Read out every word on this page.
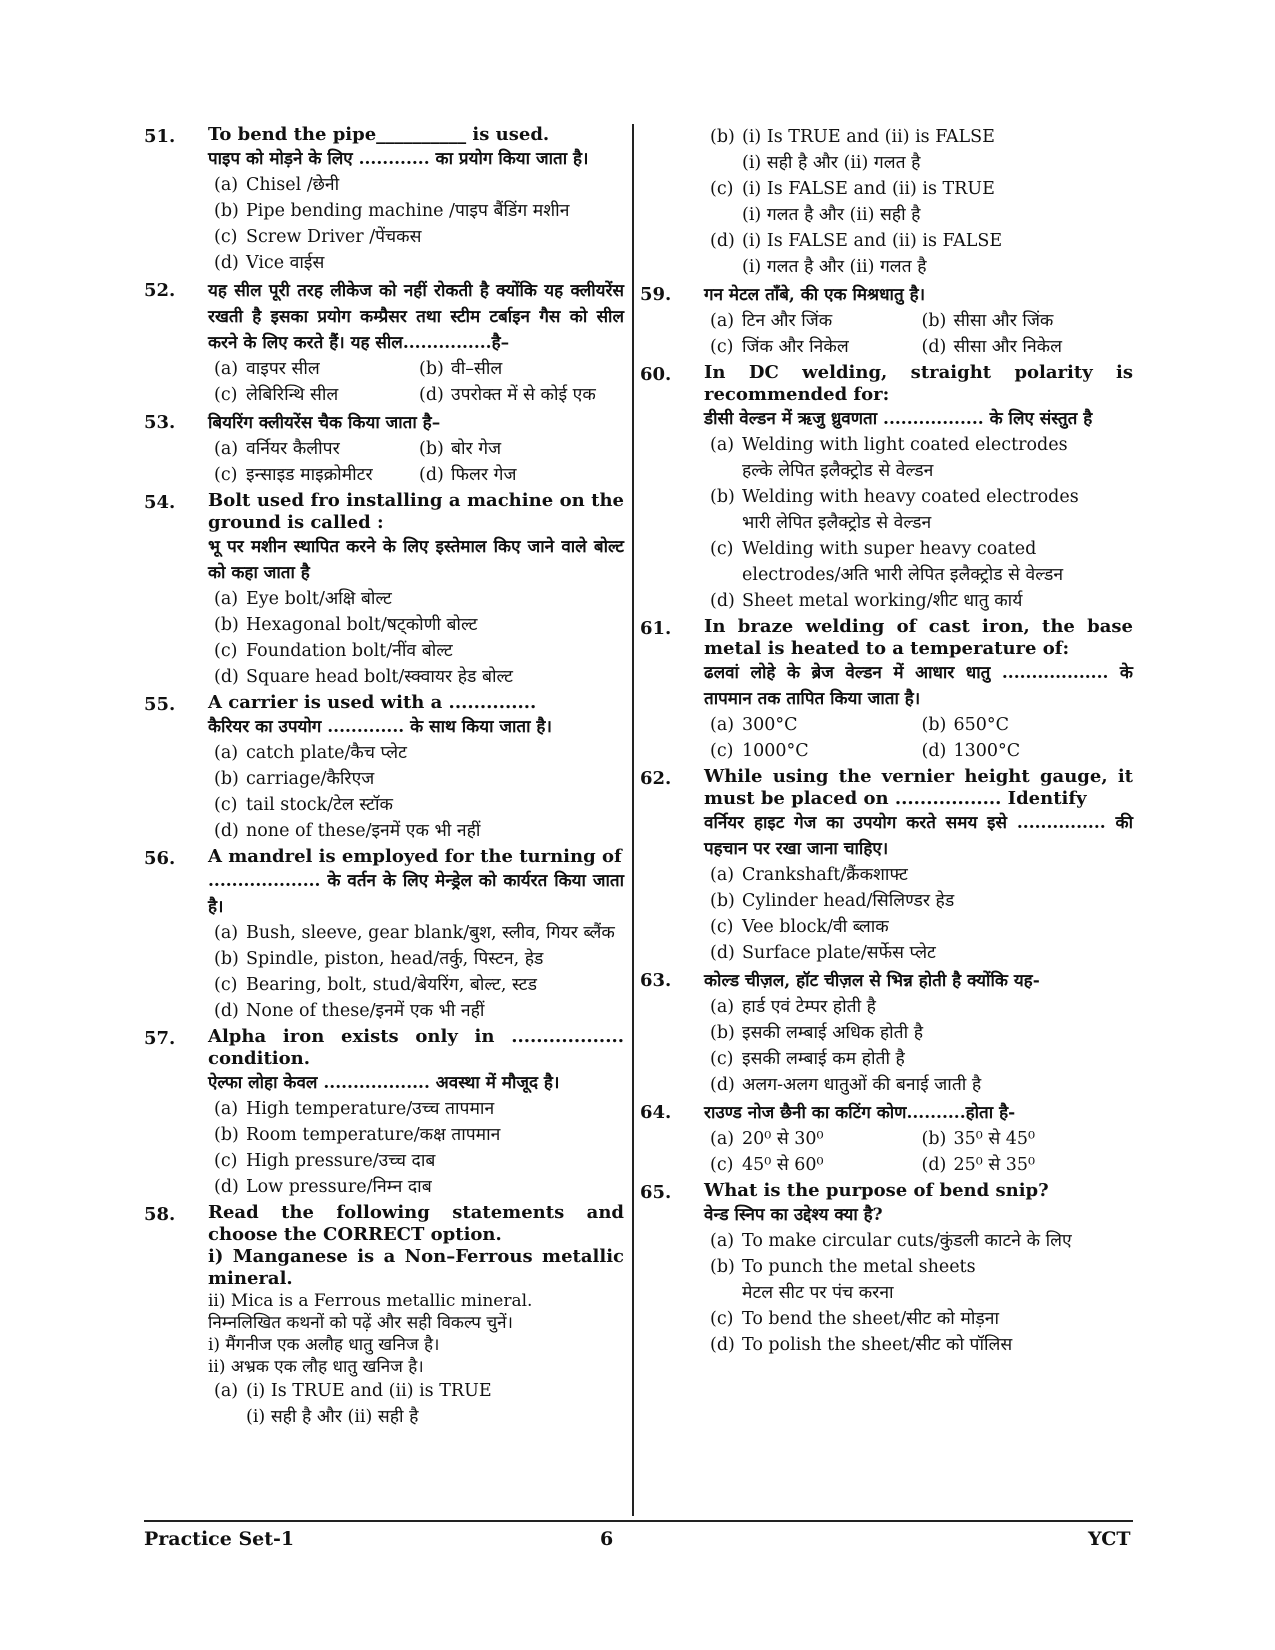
51. To bend the pipe__________ is used.
पाइप को मोड़ने के लिए ............ का प्रयोग किया जाता है।
(a) Chisel /छेनी
(b) Pipe bending machine /पाइप बैंडिंग मशीन
(c) Screw Driver /पेंचकस
(d) Vice वाईस
52. यह सील पूरी तरह लीकेज को नहीं रोकती है क्योंकि यह क्लीयरेंस रखती है इसका प्रयोग कम्प्रैसर तथा स्टीम टर्बाइन गैस को सील करने के लिए करते हैं। यह सील...............है–
(a) वाइपर सील	(b) वी–सील
(c) लेबिरिन्थि सील	(d) उपरोक्त में से कोई एक
53. बियरिंग क्लीयरेंस चैक किया जाता है–
(a) वर्नियर कैलीपर	(b) बोर गेज
(c) इन्साइड माइक्रोमीटर	(d) फिलर गेज
54. Bolt used fro installing a machine on the ground is called :
भू पर मशीन स्थापित करने के लिए इस्तेमाल किए जाने वाले बोल्ट को कहा जाता है
(a) Eye bolt/अक्षि बोल्ट
(b) Hexagonal bolt/षट्कोणी बोल्ट
(c) Foundation bolt/नींव बोल्ट
(d) Square head bolt/स्क्वायर हेड बोल्ट
55. A carrier is used with a ..............
कैरियर का उपयोग ............. के साथ किया जाता है।
(a) catch plate/कैच प्लेट
(b) carriage/कैरिएज
(c) tail stock/टेल स्टॉक
(d) none of these/इनमें एक भी नहीं
56. A mandrel is employed for the turning of
................... के वर्तन के लिए मेन्ड्रेल को कार्यरत किया जाता है।
(a) Bush, sleeve, gear blank/बुश, स्लीव, गियर ब्लैंक
(b) Spindle, piston, head/तर्कु, पिस्टन, हेड
(c) Bearing, bolt, stud/बेयरिंग, बोल्ट, स्टड
(d) None of these/इनमें एक भी नहीं
57. Alpha iron exists only in .................. condition.
ऐल्फा लोहा केवल .................. अवस्था में मौजूद है।
(a) High temperature/उच्च तापमान
(b) Room temperature/कक्ष तापमान
(c) High pressure/उच्च दाब
(d) Low pressure/निम्न दाब
58. Read the following statements and choose the CORRECT option.
i) Manganese is a Non–Ferrous metallic mineral.
ii) Mica is a Ferrous metallic mineral.
निम्नलिखित कथनों को पढ़ें और सही विकल्प चुनें।
i) मैंगनीज एक अलौह धातु खनिज है।
ii) अभ्रक एक लौह धातु खनिज है।
(a) (i) Is TRUE and (ii) is TRUE
(i) सही है और (ii) सही है
(b) (i) Is TRUE and (ii) is FALSE
(i) सही है और (ii) गलत है
(c) (i) Is FALSE and (ii) is TRUE
(i) गलत है और (ii) सही है
(d) (i) Is FALSE and (ii) is FALSE
(i) गलत है और (ii) गलत है
59. गन मेटल ताँबे, की एक मिश्रधातु है।
(a) टिन और जिंक	(b) सीसा और जिंक
(c) जिंक और निकेल	(d) सीसा और निकेल
60. In DC welding, straight polarity is recommended for:
डीसी वेल्डन में ऋजु ध्रुवणता ................. के लिए संस्तुत है
(a) Welding with light coated electrodes
हल्के लेपित इलैक्ट्रोड से वेल्डन
(b) Welding with heavy coated electrodes
भारी लेपित इलैक्ट्रोड से वेल्डन
(c) Welding with super heavy coated electrodes/अति भारी लेपित इलैक्ट्रोड से वेल्डन
(d) Sheet metal working/शीट धातु कार्य
61. In braze welding of cast iron, the base metal is heated to a temperature of:
ढलवां लोहे के ब्रेज वेल्डन में आधार धातु .................. के तापमान तक तापित किया जाता है।
(a) 300°C	(b) 650°C
(c) 1000°C	(d) 1300°C
62. While using the vernier height gauge, it must be placed on ................. Identify
वर्नियर हाइट गेज का उपयोग करते समय इसे ............... की पहचान पर रखा जाना चाहिए।
(a) Crankshaft/क्रैंकशाफ्ट
(b) Cylinder head/सिलिण्डर हेड
(c) Vee block/वी ब्लाक
(d) Surface plate/सर्फेस प्लेट
63. कोल्ड चीज़ल, हॉट चीज़ल से भिन्न होती है क्योंकि यह-
(a) हार्ड एवं टेम्पर होती है
(b) इसकी लम्बाई अधिक होती है
(c) इसकी लम्बाई कम होती है
(d) अलग-अलग धातुओं की बनाई जाती है
64. राउण्ड नोज छैनी का कटिंग कोण..........होता है-
(a) 20⁰ से 30⁰	(b) 35⁰ से 45⁰
(c) 45⁰ से 60⁰	(d) 25⁰ से 35⁰
65. What is the purpose of bend snip?
वेन्ड स्निप का उद्देश्य क्या है?
(a) To make circular cuts/कुंडली काटने के लिए
(b) To punch the metal sheets
मेटल सीट पर पंच करना
(c) To bend the sheet/सीट को मोड़ना
(d) To polish the sheet/सीट को पॉलिस
Practice Set-1	6	YCT
